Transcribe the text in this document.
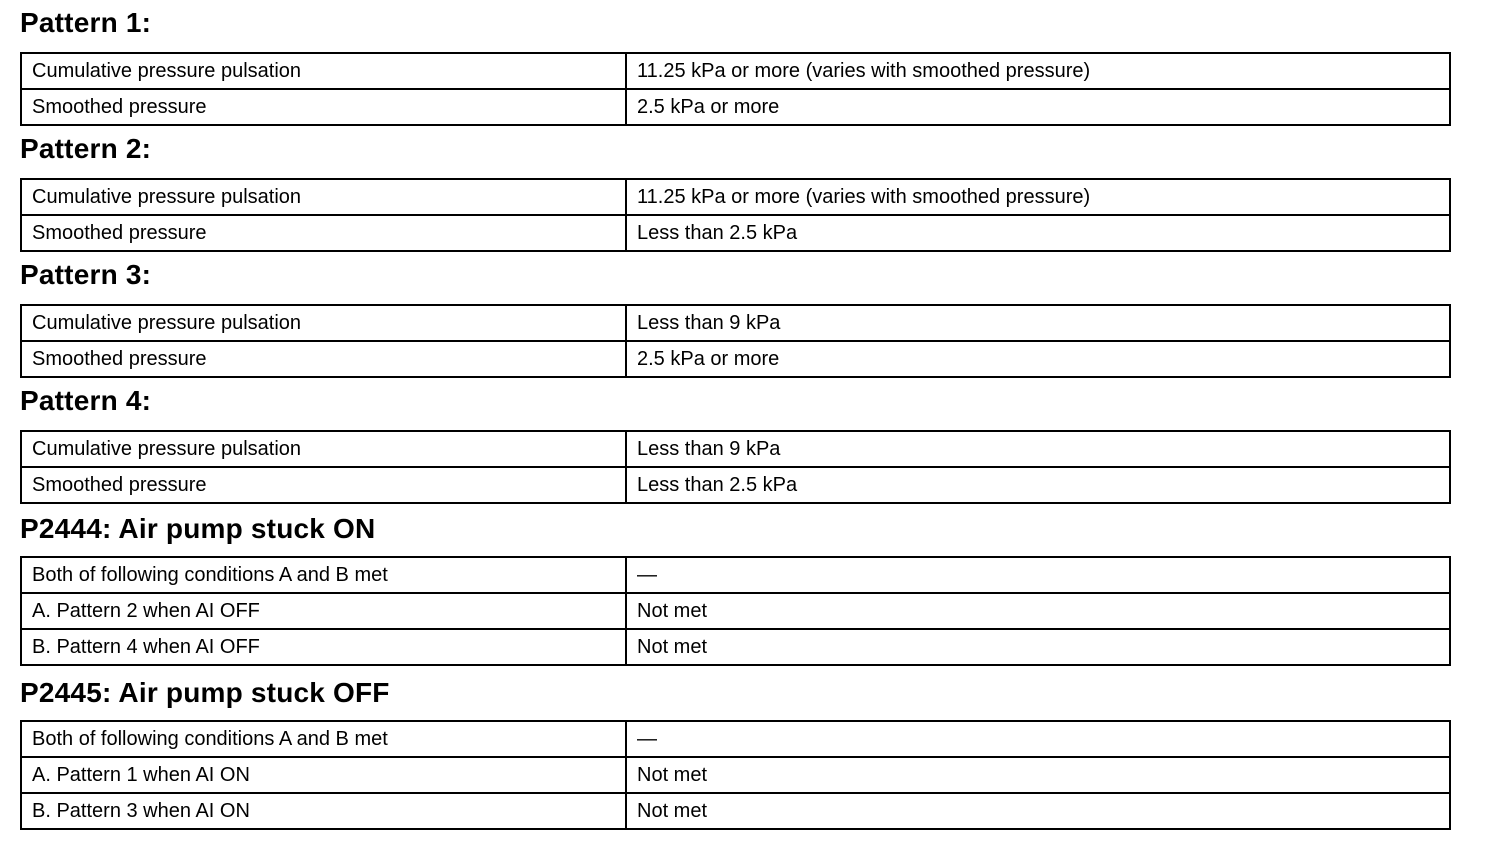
Pattern 1:
Cumulative pressure pulsation	11.25 kPa or more (varies with smoothed pressure)
Smoothed pressure	2.5 kPa or more
Pattern 2:
Cumulative pressure pulsation	11.25 kPa or more (varies with smoothed pressure)
Smoothed pressure	Less than 2.5 kPa
Pattern 3:
Cumulative pressure pulsation	Less than 9 kPa
Smoothed pressure	2.5 kPa or more
Pattern 4:
Cumulative pressure pulsation	Less than 9 kPa
Smoothed pressure	Less than 2.5 kPa
P2444: Air pump stuck ON
Both of following conditions A and B met	—
A. Pattern 2 when AI OFF	Not met
B. Pattern 4 when AI OFF	Not met
P2445: Air pump stuck OFF
Both of following conditions A and B met	—
A. Pattern 1 when AI ON	Not met
B. Pattern 3 when AI ON	Not met
